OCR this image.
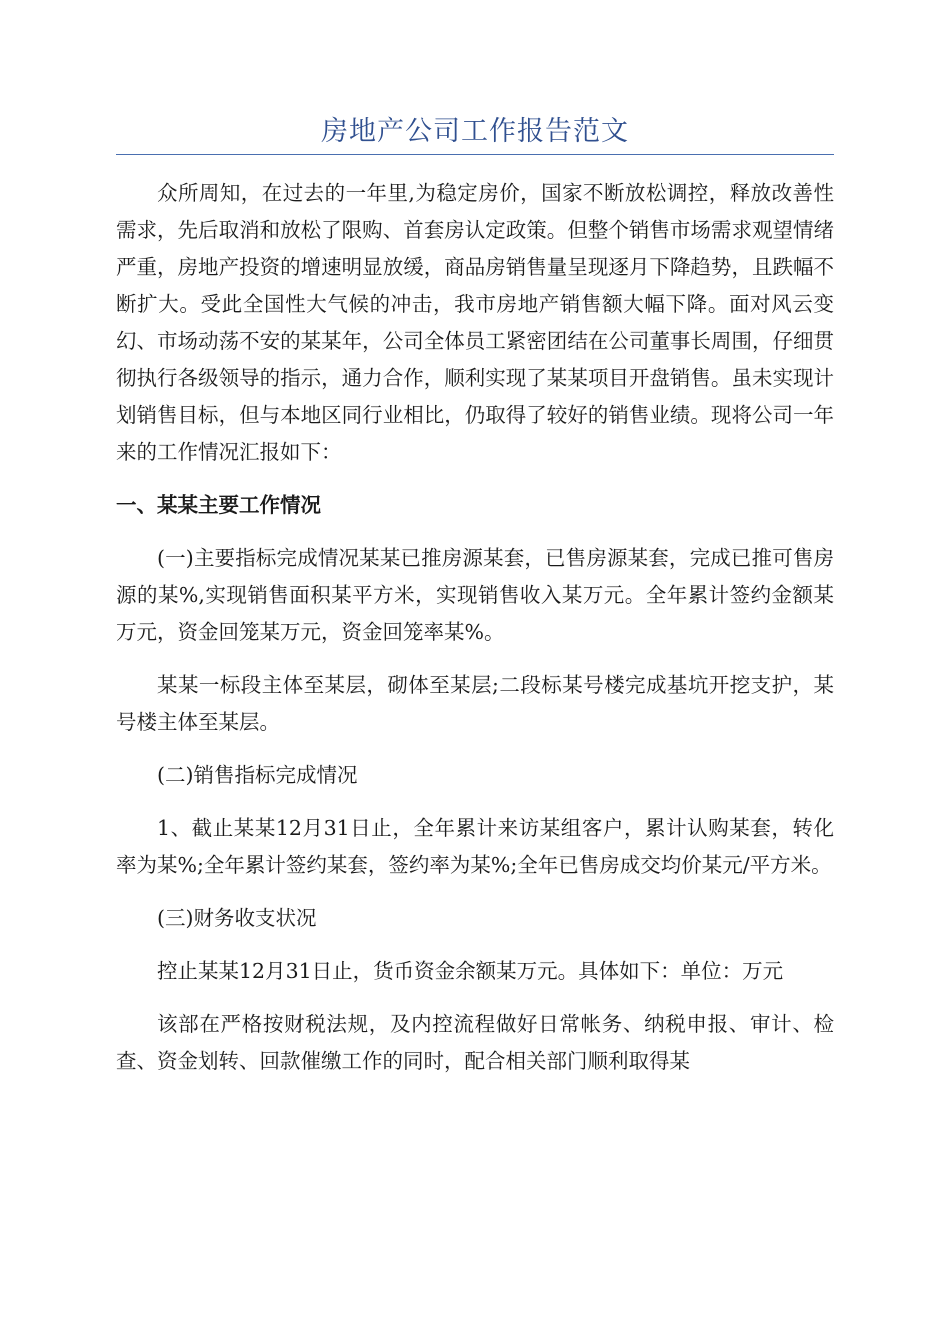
房地产公司工作报告范文

众所周知，在过去的一年里,为稳定房价，国家不断放松调控，释放改善性需求，先后取消和放松了限购、首套房认定政策。但整个销售市场需求观望情绪严重，房地产投资的增速明显放缓，商品房销售量呈现逐月下降趋势，且跌幅不断扩大。受此全国性大气候的冲击，我市房地产销售额大幅下降。面对风云变幻、市场动荡不安的某某年，公司全体员工紧密团结在公司董事长周围，仔细贯彻执行各级领导的指示，通力合作，顺利实现了某某项目开盘销售。虽未实现计划销售目标，但与本地区同行业相比，仍取得了较好的销售业绩。现将公司一年来的工作情况汇报如下：

一、某某主要工作情况

(一)主要指标完成情况某某已推房源某套，已售房源某套，完成已推可售房源的某%,实现销售面积某平方米，实现销售收入某万元。全年累计签约金额某万元，资金回笼某万元，资金回笼率某%。

某某一标段主体至某层，砌体至某层;二段标某号楼完成基坑开挖支护，某号楼主体至某层。

(二)销售指标完成情况

1、截止某某12月31日止，全年累计来访某组客户，累计认购某套，转化率为某%;全年累计签约某套，签约率为某%;全年已售房成交均价某元/平方米。

(三)财务收支状况

控止某某12月31日止，货币资金余额某万元。具体如下：单位：万元

该部在严格按财税法规，及内控流程做好日常帐务、纳税申报、审计、检查、资金划转、回款催缴工作的同时，配合相关部门顺利取得某
